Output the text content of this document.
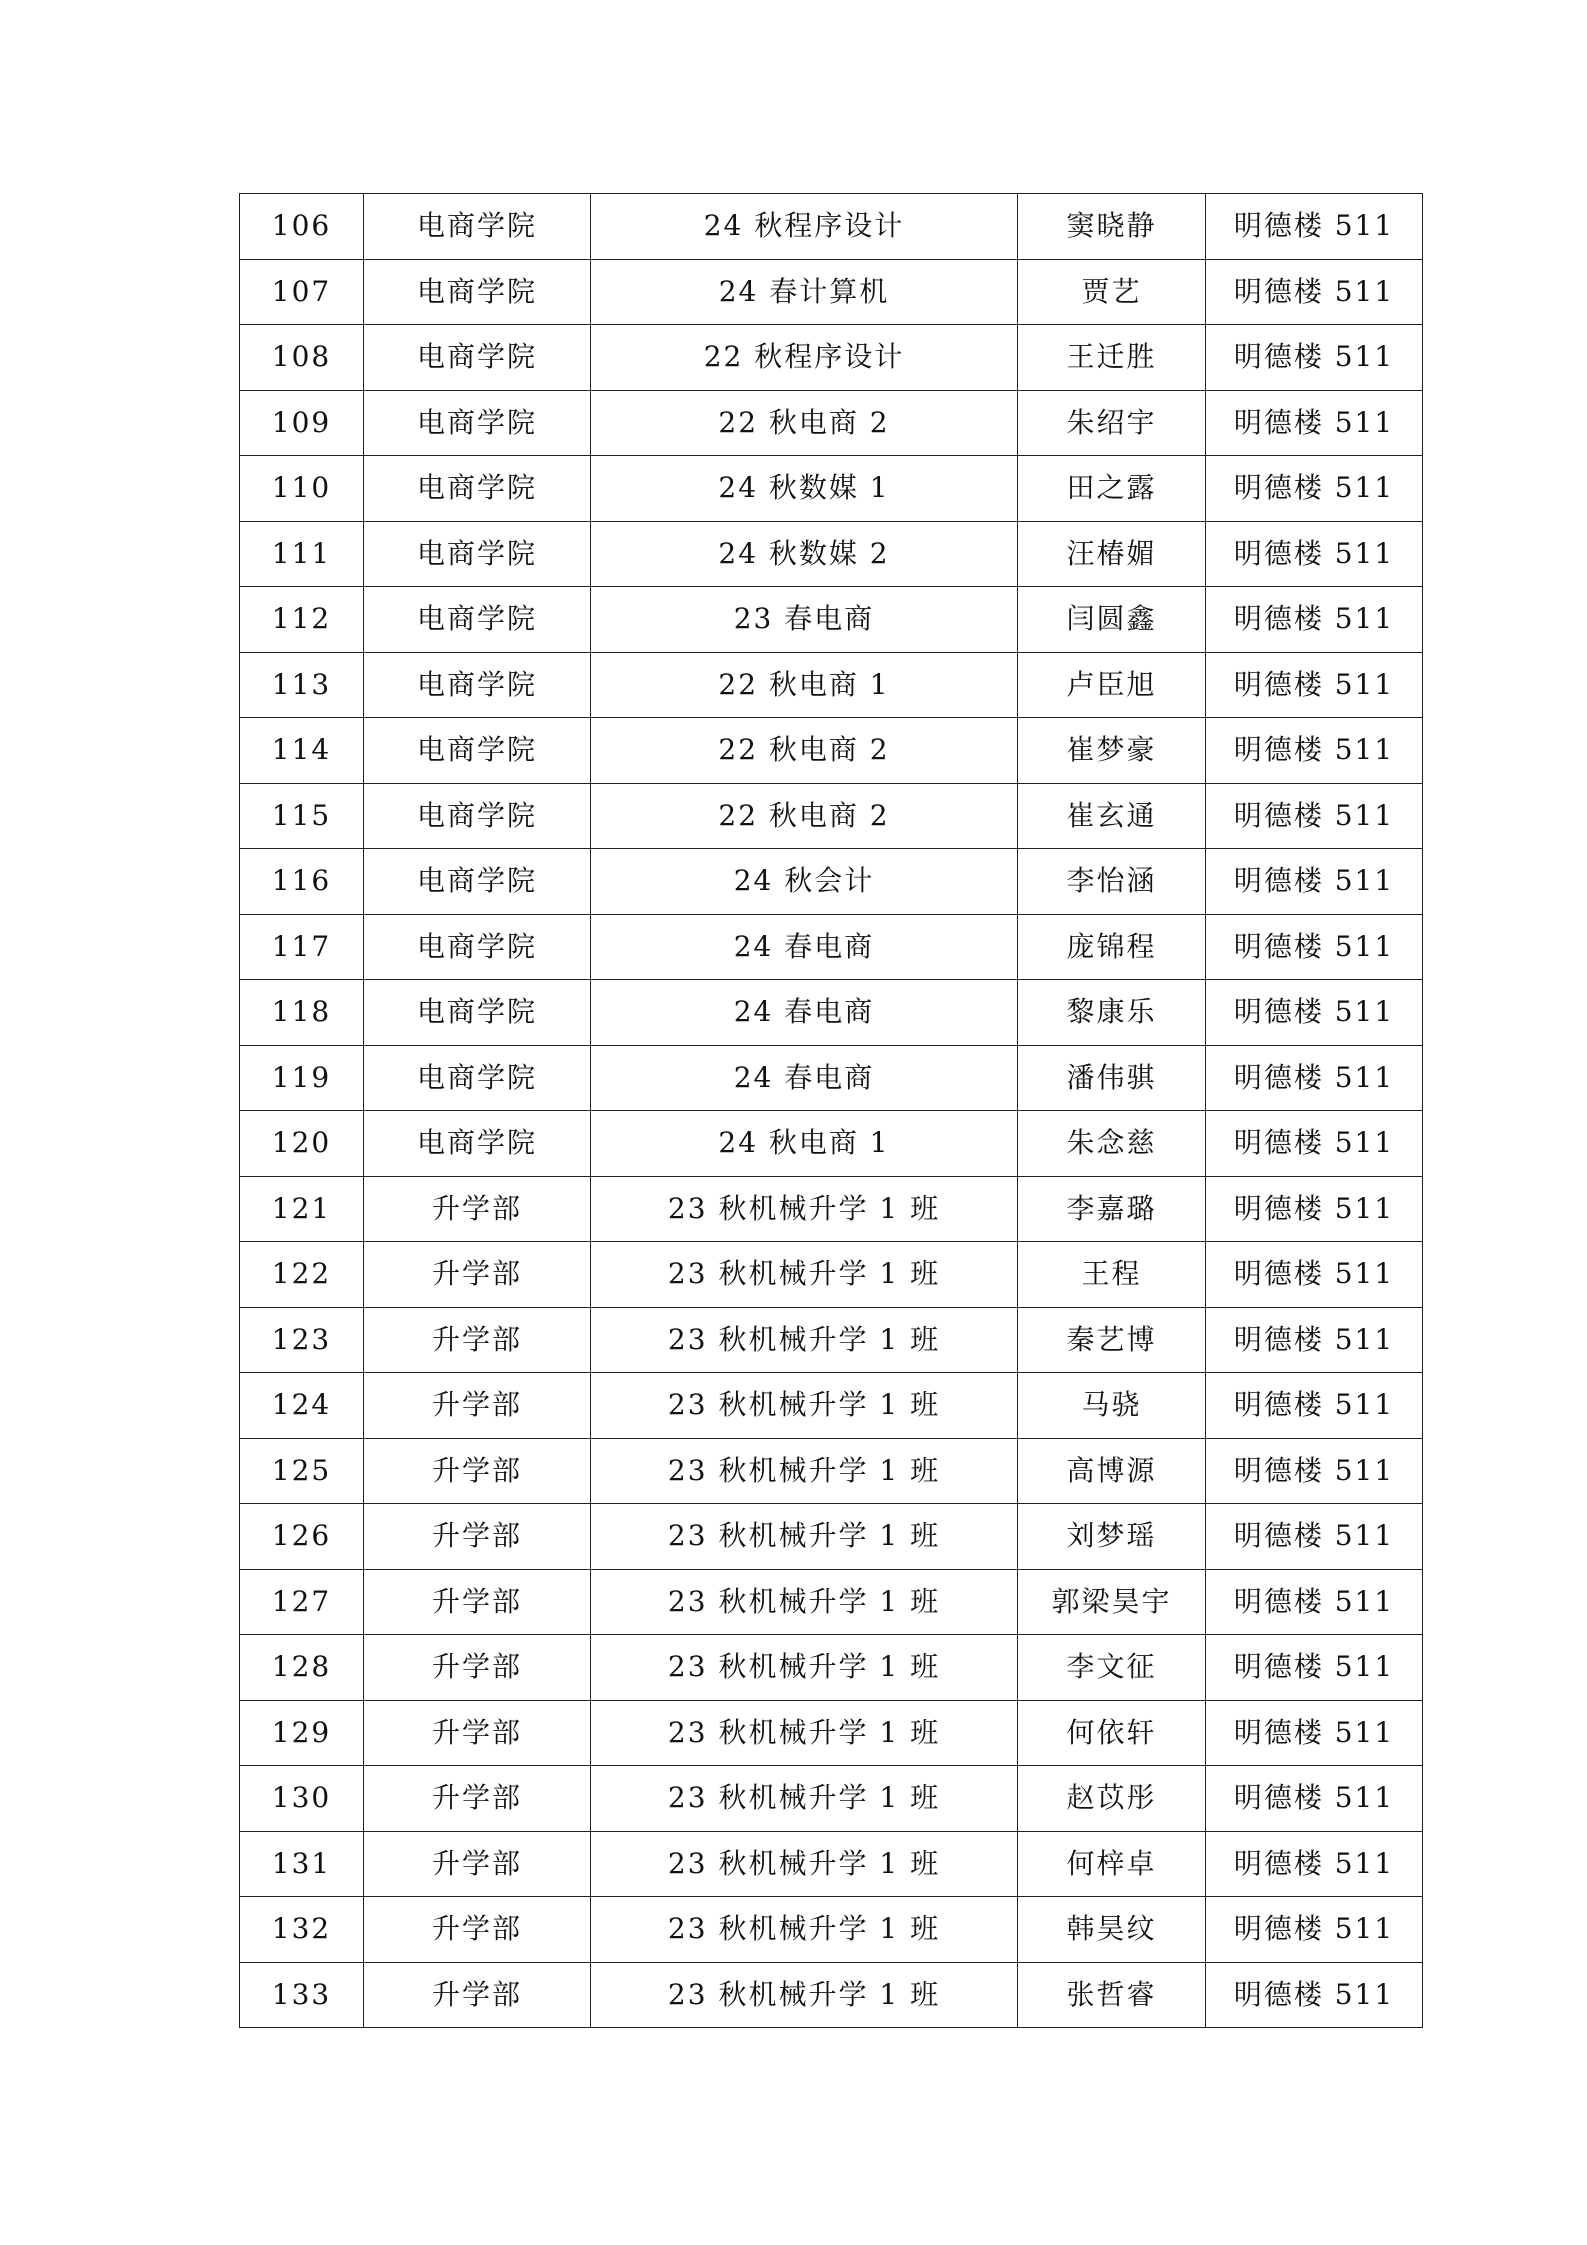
106	电商学院	24 秋程序设计	窦晓静	明德楼 511
107	电商学院	24 春计算机	贾艺	明德楼 511
108	电商学院	22 秋程序设计	王迁胜	明德楼 511
109	电商学院	22 秋电商 2	朱绍宇	明德楼 511
110	电商学院	24 秋数媒 1	田之露	明德楼 511
111	电商学院	24 秋数媒 2	汪椿媚	明德楼 511
112	电商学院	23 春电商	闫圆鑫	明德楼 511
113	电商学院	22 秋电商 1	卢臣旭	明德楼 511
114	电商学院	22 秋电商 2	崔梦豪	明德楼 511
115	电商学院	22 秋电商 2	崔玄通	明德楼 511
116	电商学院	24 秋会计	李怡涵	明德楼 511
117	电商学院	24 春电商	庞锦程	明德楼 511
118	电商学院	24 春电商	黎康乐	明德楼 511
119	电商学院	24 春电商	潘伟骐	明德楼 511
120	电商学院	24 秋电商 1	朱念慈	明德楼 511
121	升学部	23 秋机械升学 1 班	李嘉璐	明德楼 511
122	升学部	23 秋机械升学 1 班	王程	明德楼 511
123	升学部	23 秋机械升学 1 班	秦艺博	明德楼 511
124	升学部	23 秋机械升学 1 班	马骁	明德楼 511
125	升学部	23 秋机械升学 1 班	高博源	明德楼 511
126	升学部	23 秋机械升学 1 班	刘梦瑶	明德楼 511
127	升学部	23 秋机械升学 1 班	郭梁昊宇	明德楼 511
128	升学部	23 秋机械升学 1 班	李文征	明德楼 511
129	升学部	23 秋机械升学 1 班	何依轩	明德楼 511
130	升学部	23 秋机械升学 1 班	赵苡彤	明德楼 511
131	升学部	23 秋机械升学 1 班	何梓卓	明德楼 511
132	升学部	23 秋机械升学 1 班	韩昊纹	明德楼 511
133	升学部	23 秋机械升学 1 班	张哲睿	明德楼 511
